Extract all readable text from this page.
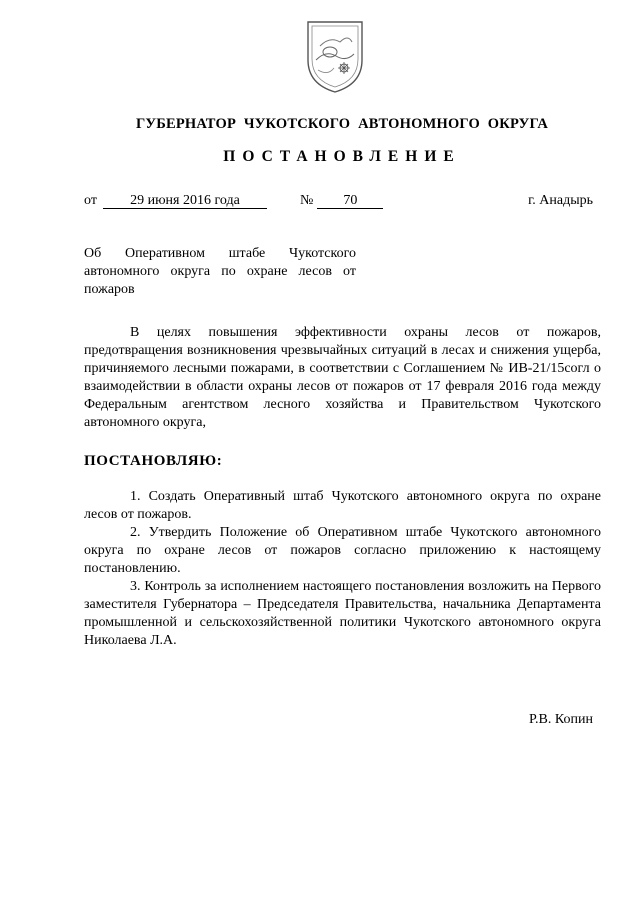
ГУБЕРНАТОР ЧУКОТСКОГО АВТОНОМНОГО ОКРУГА
ПОСТАНОВЛЕНИЕ
от 29 июня 2016 года	№ 70	г. Анадырь
Об Оперативном штабе Чукотского автономного округа по охране лесов от пожаров

В целях повышения эффективности охраны лесов от пожаров, предотвращения возникновения чрезвычайных ситуаций в лесах и снижения ущерба, причиняемого лесными пожарами, в соответствии с Соглашением № ИВ-21/15согл о взаимодействии в области охраны лесов от пожаров от 17 февраля 2016 года между Федеральным агентством лесного хозяйства и Правительством Чукотского автономного округа,

ПОСТАНОВЛЯЮ:

1. Создать Оперативный штаб Чукотского автономного округа по охране лесов от пожаров.

2. Утвердить Положение об Оперативном штабе Чукотского автономного округа по охране лесов от пожаров согласно приложению к настоящему постановлению.

3. Контроль за исполнением настоящего постановления возложить на Первого заместителя Губернатора – Председателя Правительства, начальника Департамента промышленной и сельскохозяйственной политики Чукотского автономного округа Николаева Л.А.

Р.В. Копин
